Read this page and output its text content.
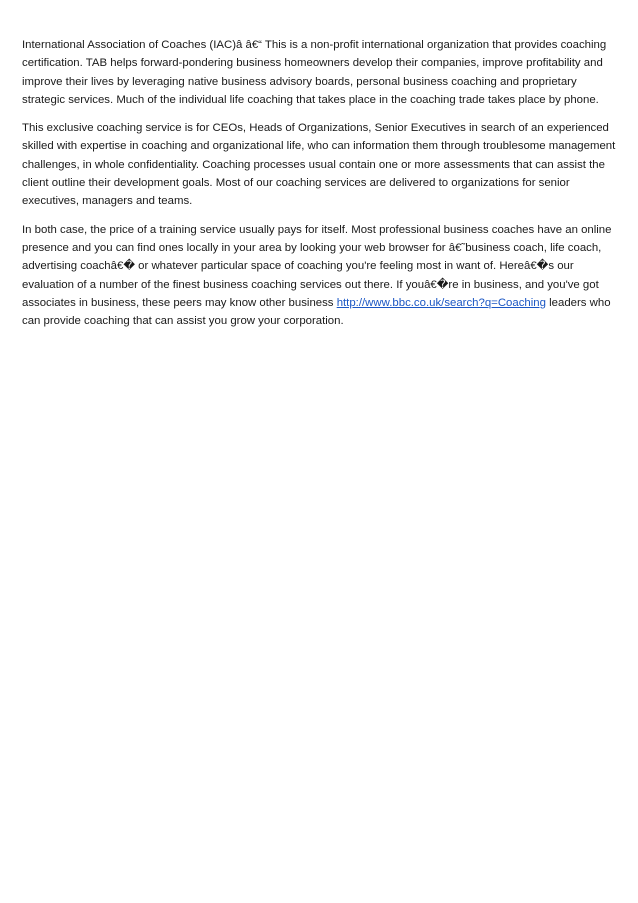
International Association of Coaches (IAC)â â€“ This is a non-profit international organization that provides coaching certification. TAB helps forward-pondering business homeowners develop their companies, improve profitability and improve their lives by leveraging native business advisory boards, personal business coaching and proprietary strategic services. Much of the individual life coaching that takes place in the coaching trade takes place by phone.

This exclusive coaching service is for CEOs, Heads of Organizations, Senior Executives in search of an experienced skilled with expertise in coaching and organizational life, who can information them through troublesome management challenges, in whole confidentiality. Coaching processes usual contain one or more assessments that can assist the client outline their development goals. Most of our coaching services are delivered to organizations for senior executives, managers and teams.

In both case, the price of a training service usually pays for itself. Most professional business coaches have an online presence and you can find ones locally in your area by looking your web browser for â€˜business coach, life coach, advertising coachâ€� or whatever particular space of coaching you're feeling most in want of. Hereâ€�s our evaluation of a number of the finest business coaching services out there. If youâ€�re in business, and you've got associates in business, these peers may know other business http://www.bbc.co.uk/search?q=Coaching leaders who can provide coaching that can assist you grow your corporation.
